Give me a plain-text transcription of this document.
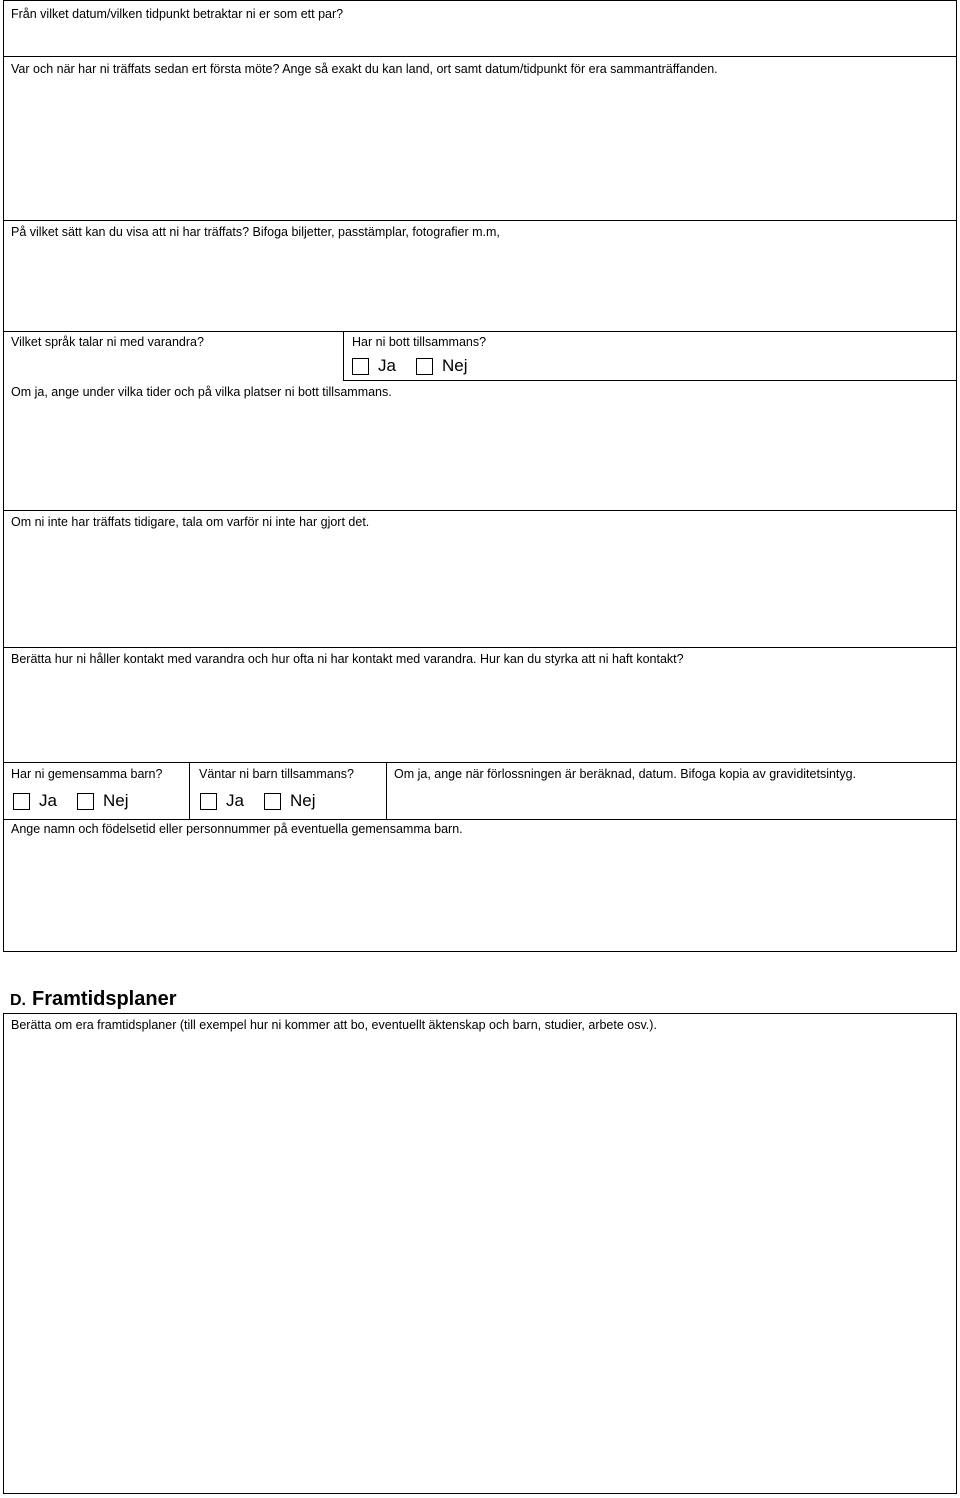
Från vilket datum/vilken tidpunkt betraktar ni er som ett par?
Var och när har ni träffats sedan ert första möte? Ange så exakt du kan land, ort samt datum/tidpunkt för era sammanträffanden.
På vilket sätt kan du visa att ni har träffats? Bifoga biljetter, passtämplar, fotografier m.m,
Vilket språk talar ni med varandra?	Har ni bott tillsammans?
Ja	Nej
Om ja, ange under vilka tider och på vilka platser ni bott tillsammans.
Om ni inte har träffats tidigare, tala om varför ni inte har gjort det.
Berätta hur ni håller kontakt med varandra och hur ofta ni har kontakt med varandra. Hur kan du styrka att ni haft kontakt?
Har ni gemensamma barn?
Ja	Nej
Väntar ni barn tillsammans?
Ja	Nej
Om ja, ange när förlossningen är beräknad, datum. Bifoga kopia av graviditetsintyg.
Ange namn och födelsetid eller personnummer på eventuella gemensamma barn.
D. Framtidsplaner
Berätta om era framtidsplaner (till exempel hur ni kommer att bo, eventuellt äktenskap och barn, studier, arbete osv.).
